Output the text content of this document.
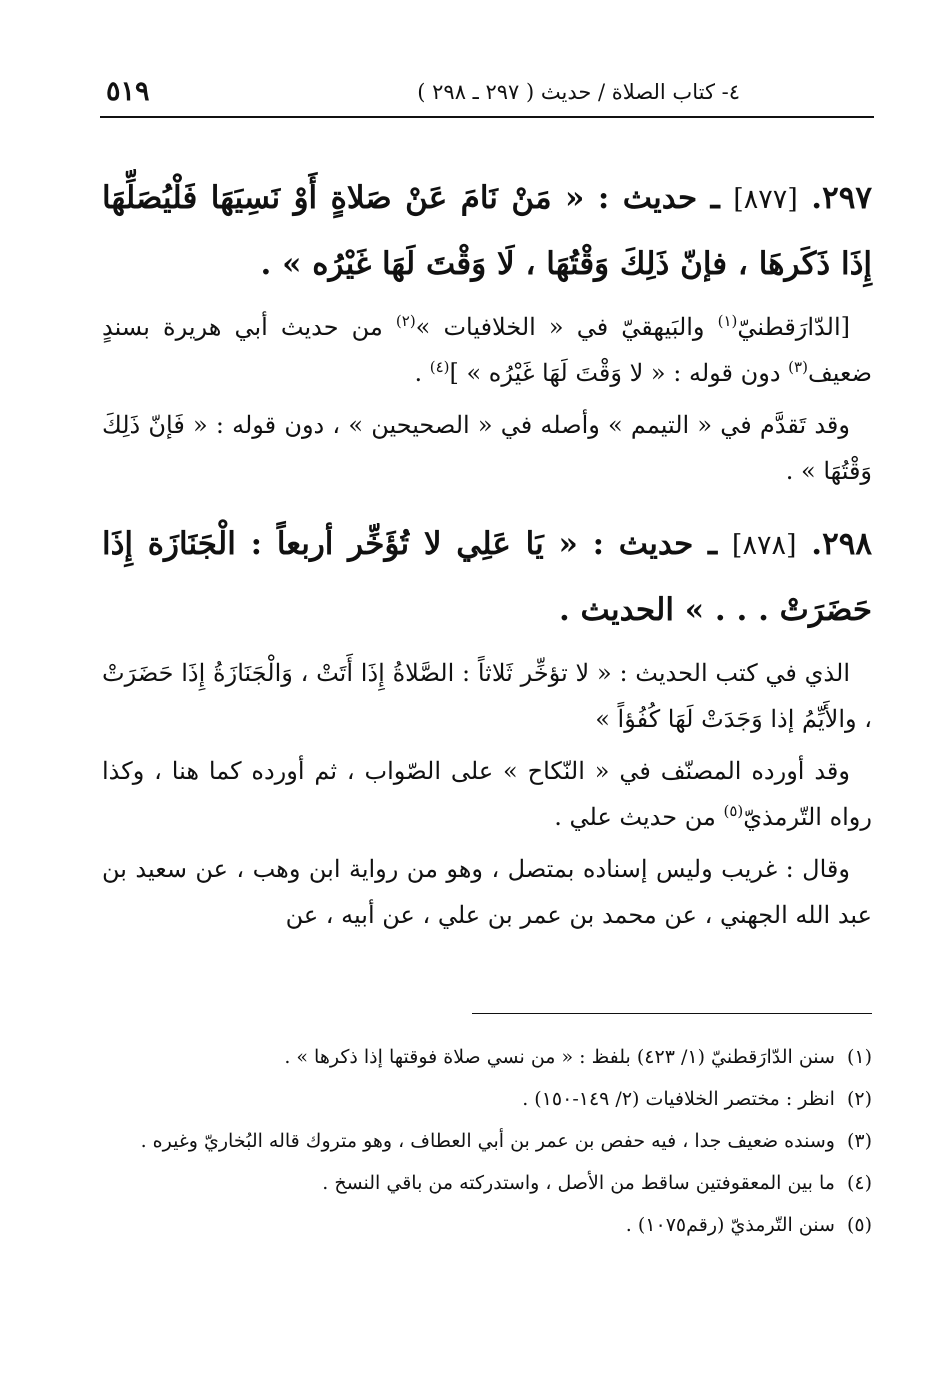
٥١٩	٤- كتاب الصلاة / حديث ( ٢٩٧ ـ ٢٩٨ )

٢٩٧. [٨٧٧] ـ حديث : « مَنْ نَامَ عَنْ صَلاةٍ أَوْ نَسِيَهَا فَلْيُصَلِّهَا إِذَا ذَكَرهَا ، فإنّ ذَلِكَ وَقْتُهَا ، لَا وَقْتَ لَهَا غَيْرُه » .

[الدّارَقطنيّ$^{(١)}$ والبَيهقيّ في « الخلافيات »$^{(٢)}$ من حديث أبي هريرة بسندٍ ضعيف$^{(٣)}$ دون قوله : « لا وَقْتَ لَهَا غَيْرُه » ]$^{(٤)}$ .

وقد تَقدَّم في « التيمم » وأصله في « الصحيحين » ، دون قوله : « فَإنّ ذَلِكَ وَقْتُهَا » .

٢٩٨. [٨٧٨] ـ حديث : « يَا عَلِي لا تُؤَخِّر أربعاً : الْجَنَازَة إِذَا حَضَرَتْ . . . » الحديث .

الذي في كتب الحديث : « لا تؤخِّر ثَلاثاً : الصَّلاةُ إِذَا أَتَتْ ، وَالْجَنَازَةُ إِذَا حَضَرَتْ ، والأَيِّمُ إذا وَجَدَتْ لَهَا كُفُؤاً »

وقد أورده المصنّف في « النّكاح » على الصّواب ، ثم أورده كما هنا ، وكذا رواه التّرمذيّ$^{(٥)}$ من حديث علي .

وقال : غريب وليس إسناده بمتصل ، وهو من رواية ابن وهب ، عن سعيد بن عبد الله الجهني ، عن محمد بن عمر بن علي ، عن أبيه ، عن

(١)سنن الدّارَقطنيّ (١/ ٤٢٣) بلفظ : « من نسي صلاة فوقتها إذا ذكرها » .

(٢)انظر : مختصر الخلافيات (٢/ ١٤٩-١٥٠) .

(٣)وسنده ضعيف جدا ، فيه حفص بن عمر بن أبي العطاف ، وهو متروك قاله البُخاريّ وغيره .

(٤)ما بين المعقوفتين ساقط من الأصل ، واستدركته من باقي النسخ .

(٥)سنن التّرمذيّ (رقم١٠٧٥) .
